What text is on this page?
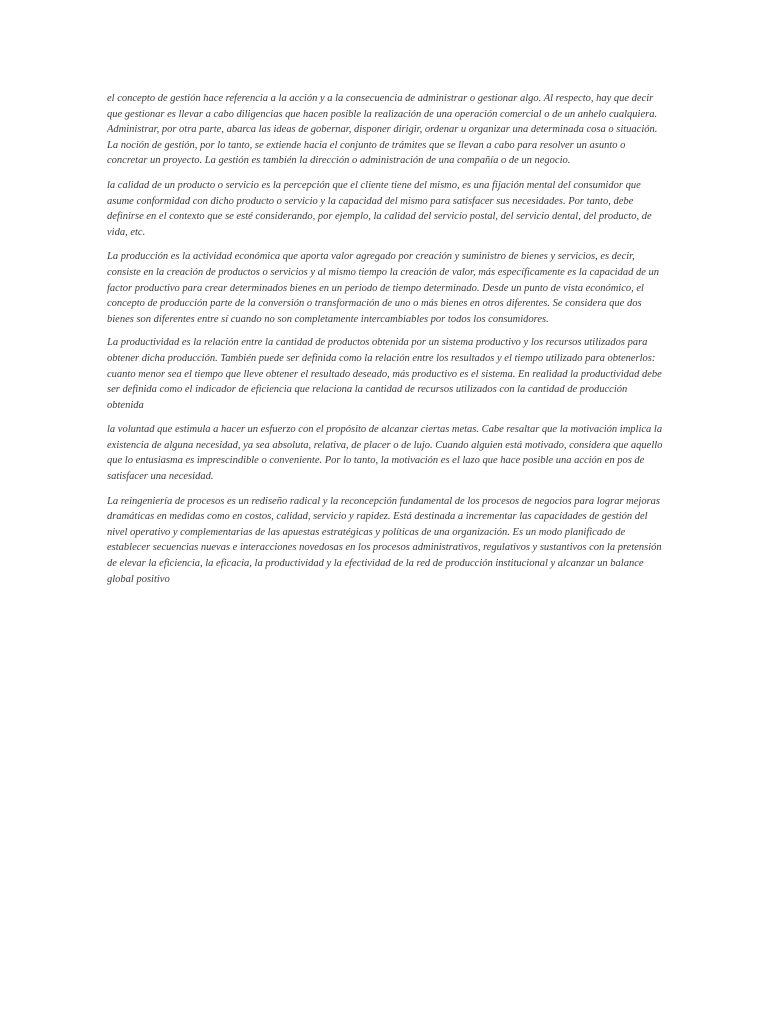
el concepto de gestión hace referencia a la acción y a la consecuencia de administrar o gestionar algo. Al respecto, hay que decir que gestionar es llevar a cabo diligencias que hacen posible la realización de una operación comercial o de un anhelo cualquiera. Administrar, por otra parte, abarca las ideas de gobernar, disponer dirigir, ordenar u organizar una determinada cosa o situación. La noción de gestión, por lo tanto, se extiende hacia el conjunto de trámites que se llevan a cabo para resolver un asunto o concretar un proyecto. La gestión es también la dirección o administración de una compañía o de un negocio.

la calidad de un producto o servicio es la percepción que el cliente tiene del mismo, es una fijación mental del consumidor que asume conformidad con dicho producto o servicio y la capacidad del mismo para satisfacer sus necesidades. Por tanto, debe definirse en el contexto que se esté considerando, por ejemplo, la calidad del servicio postal, del servicio dental, del producto, de vida, etc.

La producción es la actividad económica que aporta valor agregado por creación y suministro de bienes y servicios, es decir, consiste en la creación de productos o servicios y al mismo tiempo la creación de valor, más específicamente es la capacidad de un factor productivo para crear determinados bienes en un periodo de tiempo determinado. Desde un punto de vista económico, el concepto de producción parte de la conversión o transformación de uno o más bienes en otros diferentes. Se considera que dos bienes son diferentes entre sí cuando no son completamente intercambiables por todos los consumidores.

La productividad es la relación entre la cantidad de productos obtenida por un sistema productivo y los recursos utilizados para obtener dicha producción. También puede ser definida como la relación entre los resultados y el tiempo utilizado para obtenerlos: cuanto menor sea el tiempo que lleve obtener el resultado deseado, más productivo es el sistema. En realidad la productividad debe ser definida como el indicador de eficiencia que relaciona la cantidad de recursos utilizados con la cantidad de producción obtenida

la voluntad que estimula a hacer un esfuerzo con el propósito de alcanzar ciertas metas. Cabe resaltar que la motivación implica la existencia de alguna necesidad, ya sea absoluta, relativa, de placer o de lujo. Cuando alguien está motivado, considera que aquello que lo entusiasma es imprescindible o conveniente. Por lo tanto, la motivación es el lazo que hace posible una acción en pos de satisfacer una necesidad.

La reingeniería de procesos es un rediseño radical y la reconcepción fundamental de los procesos de negocios para lograr mejoras dramáticas en medidas como en costos, calidad, servicio y rapidez. Está destinada a incrementar las capacidades de gestión del nivel operativo y complementarias de las apuestas estratégicas y políticas de una organización. Es un modo planificado de establecer secuencias nuevas e interacciones novedosas en los procesos administrativos, regulativos y sustantivos con la pretensión de elevar la eficiencia, la eficacia, la productividad y la efectividad de la red de producción institucional y alcanzar un balance global positivo
